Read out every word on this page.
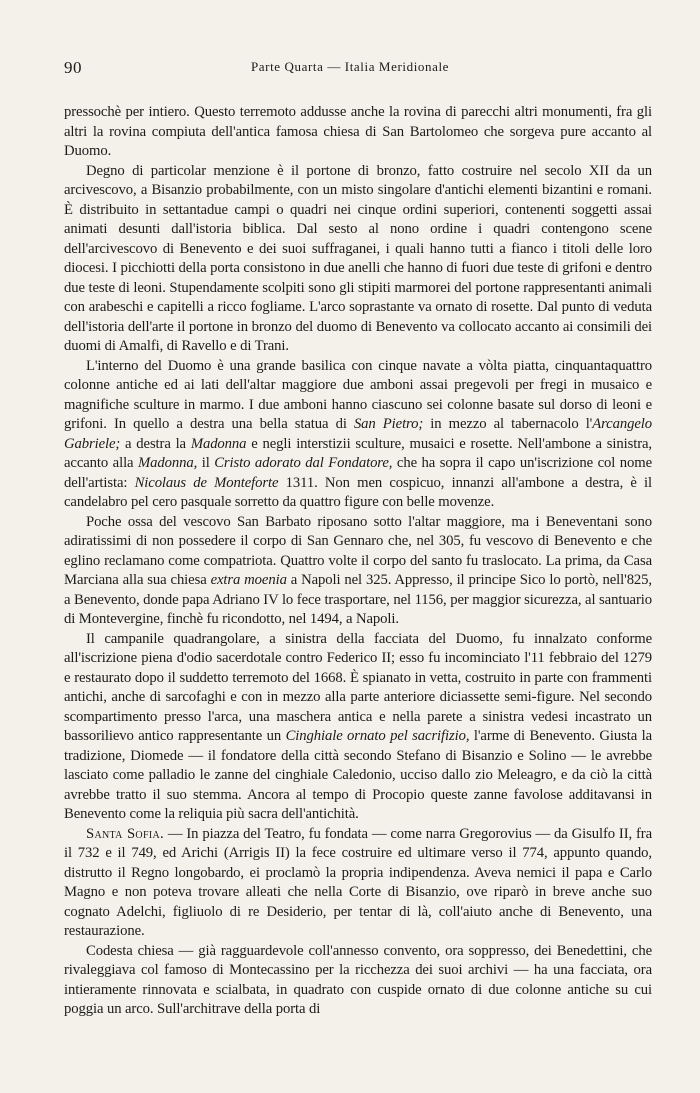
90	Parte Quarta — Italia Meridionale

pressochè per intiero. Questo terremoto addusse anche la rovina di parecchi altri monumenti, fra gli altri la rovina compiuta dell'antica famosa chiesa di San Bartolomeo che sorgeva pure accanto al Duomo.

Degno di particolar menzione è il portone di bronzo, fatto costruire nel secolo XII da un arcivescovo, a Bisanzio probabilmente, con un misto singolare d'antichi elementi bizantini e romani. È distribuito in settantadue campi o quadri nei cinque ordini superiori, contenenti soggetti assai animati desunti dall'istoria biblica. Dal sesto al nono ordine i quadri contengono scene dell'arcivescovo di Benevento e dei suoi suffraganei, i quali hanno tutti a fianco i titoli delle loro diocesi. I picchiotti della porta consistono in due anelli che hanno di fuori due teste di grifoni e dentro due teste di leoni. Stupendamente scolpiti sono gli stipiti marmorei del portone rappresentanti animali con arabeschi e capitelli a ricco fogliame. L'arco soprastante va ornato di rosette. Dal punto di veduta dell'istoria dell'arte il portone in bronzo del duomo di Benevento va collocato accanto ai consimili dei duomi di Amalfi, di Ravello e di Trani.

L'interno del Duomo è una grande basilica con cinque navate a vòlta piatta, cinquantaquattro colonne antiche ed ai lati dell'altar maggiore due amboni assai pregevoli per fregi in musaico e magnifiche sculture in marmo. I due amboni hanno ciascuno sei colonne basate sul dorso di leoni e grifoni. In quello a destra una bella statua di San Pietro; in mezzo al tabernacolo l'Arcangelo Gabriele; a destra la Madonna e negli interstizii sculture, musaici e rosette. Nell'ambone a sinistra, accanto alla Madonna, il Cristo adorato dal Fondatore, che ha sopra il capo un'iscrizione col nome dell'artista: Nicolaus de Monteforte 1311. Non men cospicuo, innanzi all'ambone a destra, è il candelabro pel cero pasquale sorretto da quattro figure con belle movenze.

Poche ossa del vescovo San Barbato riposano sotto l'altar maggiore, ma i Beneventani sono adiratissimi di non possedere il corpo di San Gennaro che, nel 305, fu vescovo di Benevento e che eglino reclamano come compatriota. Quattro volte il corpo del santo fu traslocato. La prima, da Casa Marciana alla sua chiesa extra moenia a Napoli nel 325. Appresso, il principe Sico lo portò, nell'825, a Benevento, donde papa Adriano IV lo fece trasportare, nel 1156, per maggior sicurezza, al santuario di Montevergine, finchè fu ricondotto, nel 1494, a Napoli.

Il campanile quadrangolare, a sinistra della facciata del Duomo, fu innalzato conforme all'iscrizione piena d'odio sacerdotale contro Federico II; esso fu incominciato l'11 febbraio del 1279 e restaurato dopo il suddetto terremoto del 1668. È spianato in vetta, costruito in parte con frammenti antichi, anche di sarcofaghi e con in mezzo alla parte anteriore diciassette semi-figure. Nel secondo scompartimento presso l'arca, una maschera antica e nella parete a sinistra vedesi incastrato un bassorilievo antico rappresentante un Cinghiale ornato pel sacrifizio, l'arme di Benevento. Giusta la tradizione, Diomede — il fondatore della città secondo Stefano di Bisanzio e Solino — le avrebbe lasciato come palladio le zanne del cinghiale Caledonio, ucciso dallo zio Meleagro, e da ciò la città avrebbe tratto il suo stemma. Ancora al tempo di Procopio queste zanne favolose additavansi in Benevento come la reliquia più sacra dell'antichità.

Santa Sofia. — In piazza del Teatro, fu fondata — come narra Gregorovius — da Gisulfo II, fra il 732 e il 749, ed Arichi (Arrigis II) la fece costruire ed ultimare verso il 774, appunto quando, distrutto il Regno longobardo, ei proclamò la propria indipendenza. Aveva nemici il papa e Carlo Magno e non poteva trovare alleati che nella Corte di Bisanzio, ove riparò in breve anche suo cognato Adelchi, figliuolo di re Desiderio, per tentar di là, coll'aiuto anche di Benevento, una restaurazione.

Codesta chiesa — già ragguardevole coll'annesso convento, ora soppresso, dei Benedettini, che rivaleggiava col famoso di Montecassino per la ricchezza dei suoi archivi — ha una facciata, ora intieramente rinnovata e scialbata, in quadrato con cuspide ornato di due colonne antiche su cui poggia un arco. Sull'architrave della porta di
